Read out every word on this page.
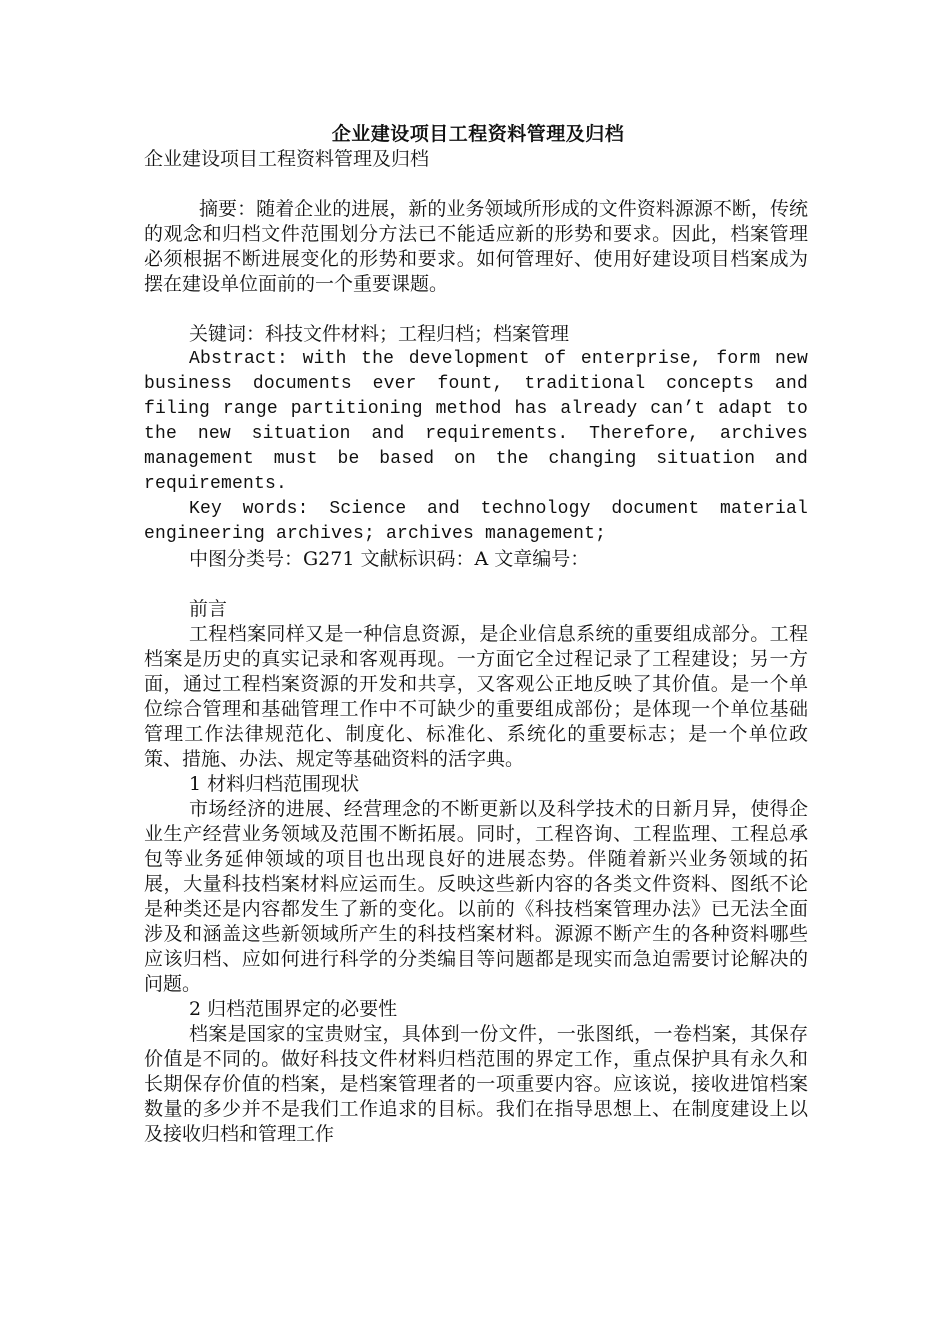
企业建设项目工程资料管理及归档

企业建设项目工程资料管理及归档

摘要：随着企业的进展，新的业务领域所形成的文件资料源源不断，传统的观念和归档文件范围划分方法已不能适应新的形势和要求。因此，档案管理必须根据不断进展变化的形势和要求。如何管理好、使用好建设项目档案成为摆在建设单位面前的一个重要课题。

关键词：科技文件材料；工程归档；档案管理

Abstract: with the development of enterprise, form new business documents ever fount, traditional concepts and filing range partitioning method has already can’t adapt to the new situation and requirements. Therefore, archives management must be based on the changing situation and requirements.

Key words: Science and technology document material engineering archives; archives management;

中图分类号：G271 文献标识码：A 文章编号：

前言

工程档案同样又是一种信息资源，是企业信息系统的重要组成部分。工程档案是历史的真实记录和客观再现。一方面它全过程记录了工程建设；另一方面，通过工程档案资源的开发和共享，又客观公正地反映了其价值。是一个单位综合管理和基础管理工作中不可缺少的重要组成部份；是体现一个单位基础管理工作法律规范化、制度化、标准化、系统化的重要标志；是一个单位政策、措施、办法、规定等基础资料的活字典。

1 材料归档范围现状

市场经济的进展、经营理念的不断更新以及科学技术的日新月异，使得企业生产经营业务领域及范围不断拓展。同时，工程咨询、工程监理、工程总承包等业务延伸领域的项目也出现良好的进展态势。伴随着新兴业务领域的拓展，大量科技档案材料应运而生。反映这些新内容的各类文件资料、图纸不论是种类还是内容都发生了新的变化。以前的《科技档案管理办法》已无法全面涉及和涵盖这些新领域所产生的科技档案材料。源源不断产生的各种资料哪些应该归档、应如何进行科学的分类编目等问题都是现实而急迫需要讨论解决的问题。

2 归档范围界定的必要性

档案是国家的宝贵财宝，具体到一份文件，一张图纸，一卷档案，其保存价值是不同的。做好科技文件材料归档范围的界定工作，重点保护具有永久和长期保存价值的档案，是档案管理者的一项重要内容。应该说，接收进馆档案数量的多少并不是我们工作追求的目标。我们在指导思想上、在制度建设上以及接收归档和管理工作
